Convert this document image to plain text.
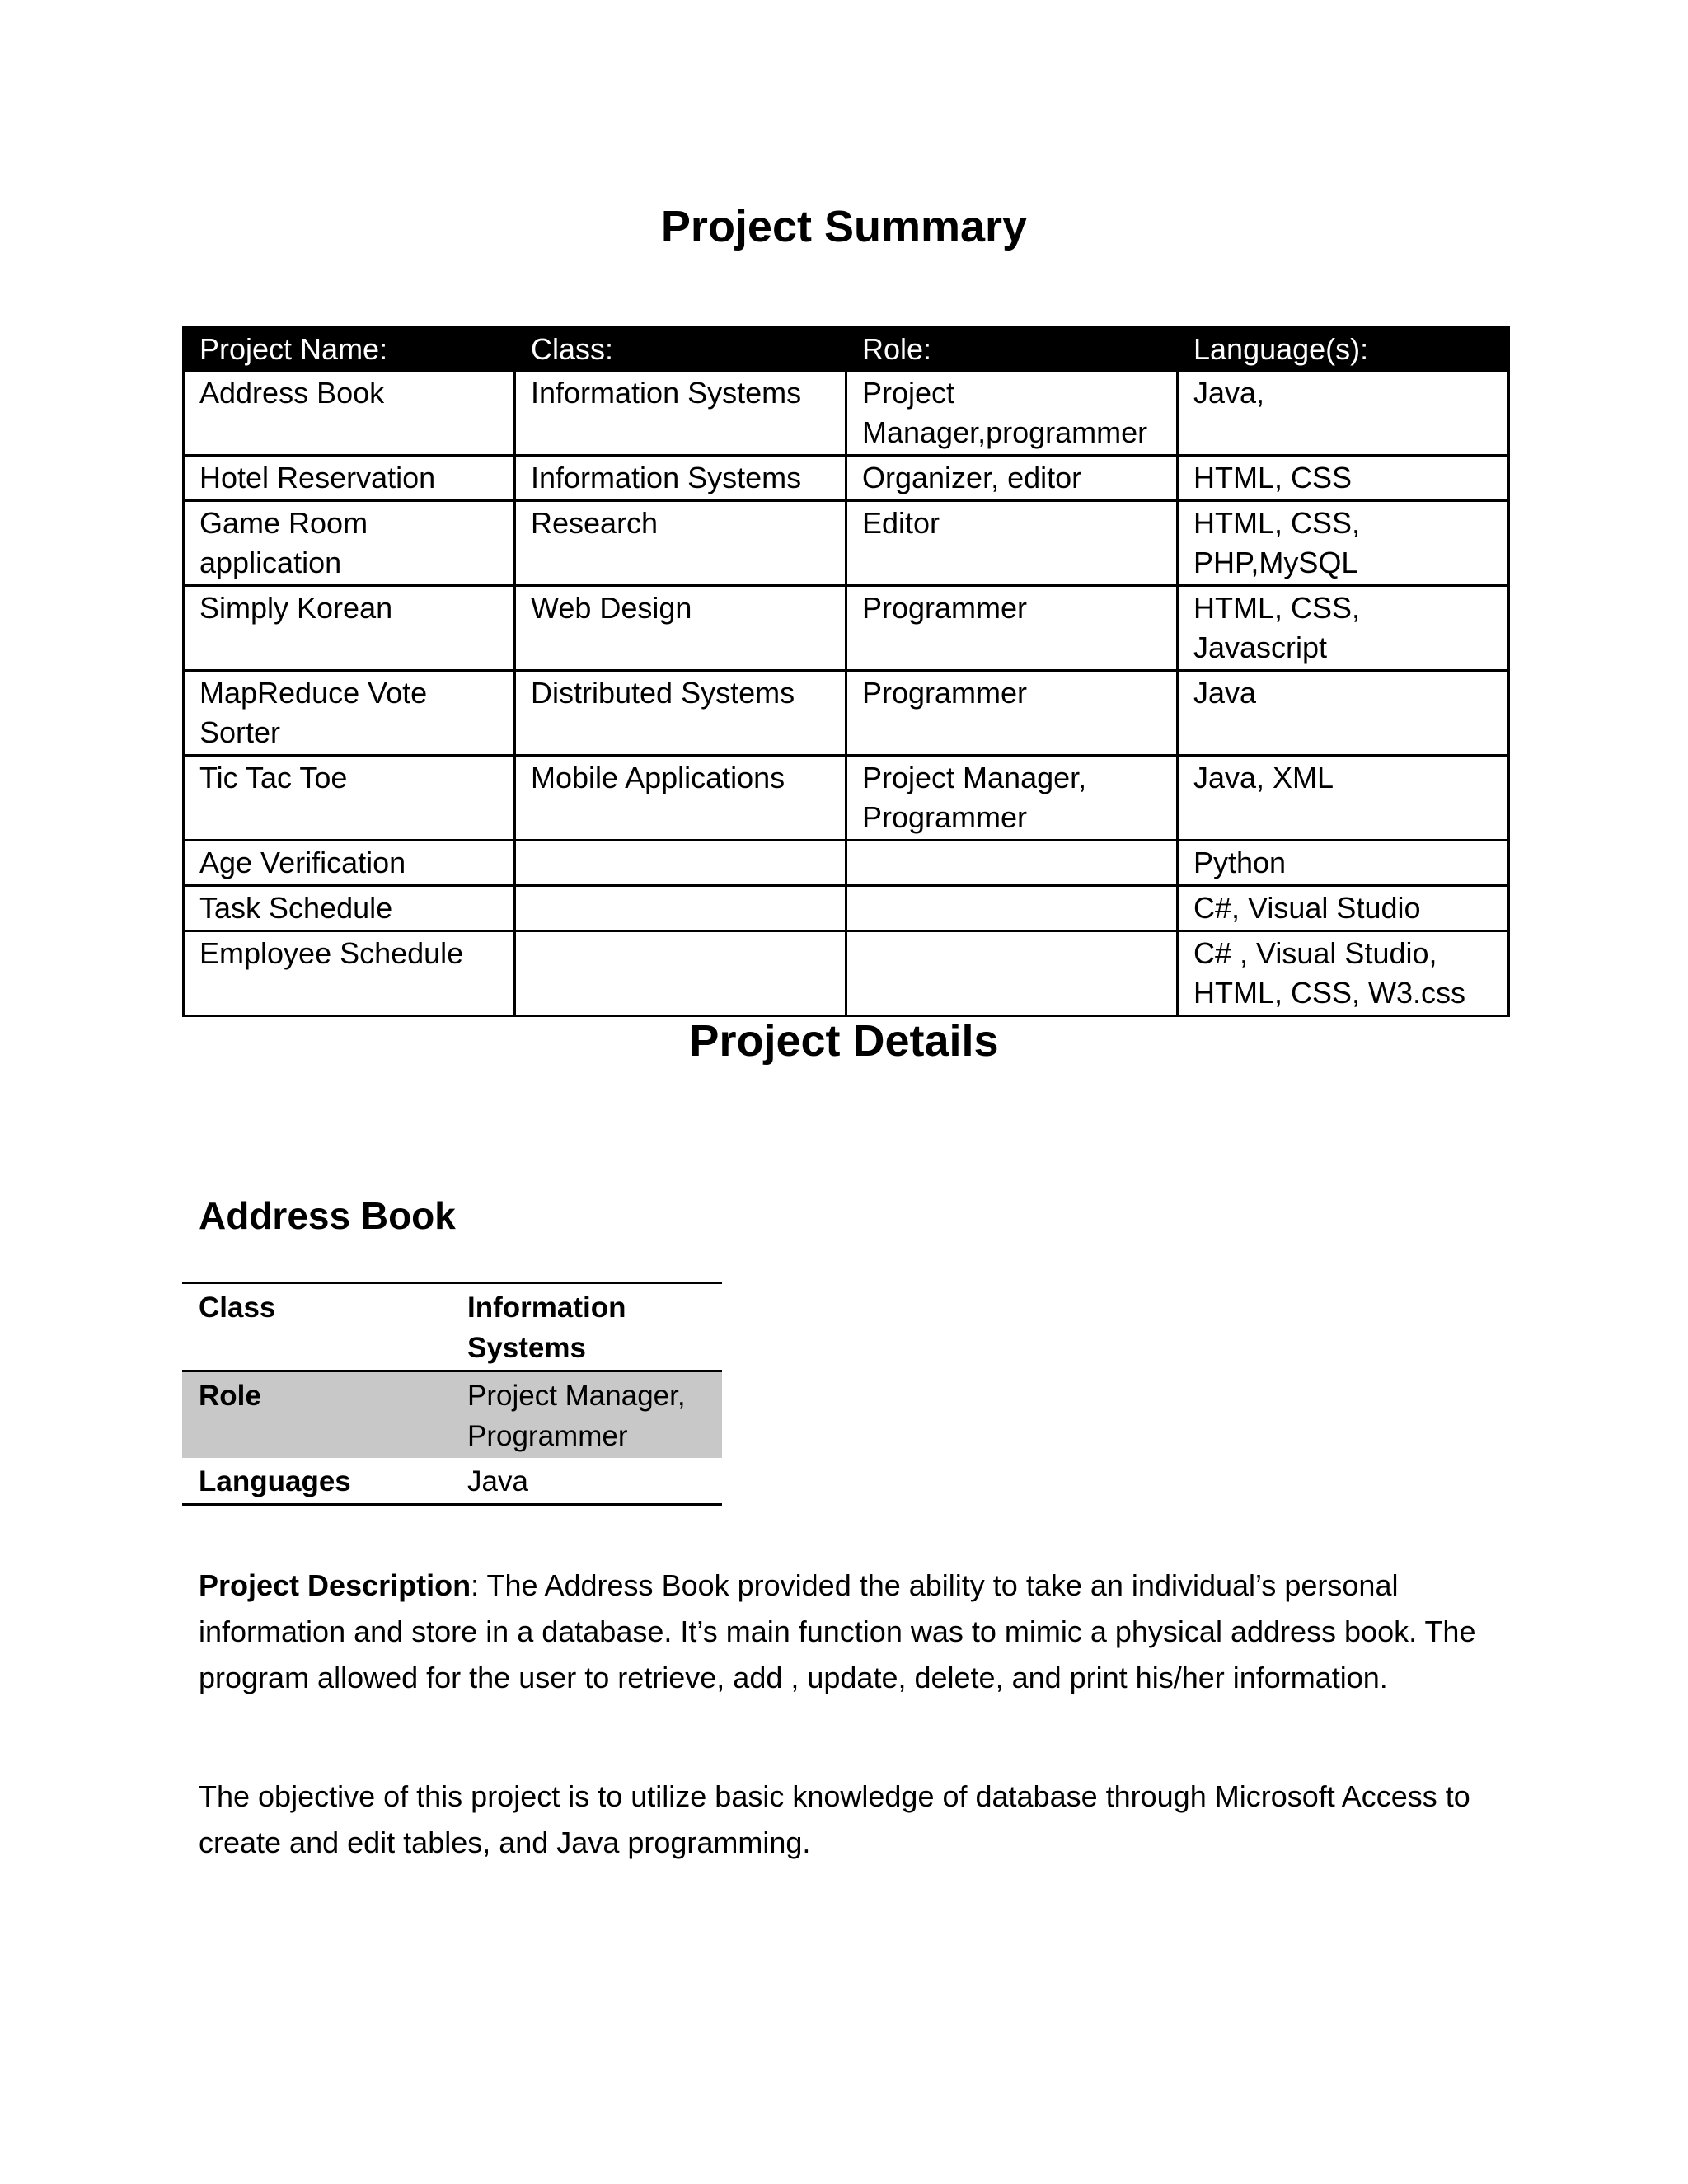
Project Summary
Project Name:	Class:	Role:	Language(s):
Address Book	Information Systems	Project Manager,programmer	Java,
Hotel Reservation	Information Systems	Organizer, editor	HTML, CSS
Game Room application	Research	Editor	HTML, CSS, PHP,MySQL
Simply Korean	Web Design	Programmer	HTML, CSS, Javascript
MapReduce Vote Sorter	Distributed Systems	Programmer	Java
Tic Tac Toe	Mobile Applications	Project Manager, Programmer	Java, XML
Age Verification			Python
Task Schedule			C#, Visual Studio
Employee Schedule			C# , Visual Studio, HTML, CSS, W3.css
Project Details
Address Book
Class	Information Systems
Role	Project Manager, Programmer
Languages	Java

Project Description: The Address Book provided the ability to take an individual’s personal information and store in a database. It’s main function was to mimic a physical address book. The program allowed for the user to retrieve, add , update, delete, and print his/her information.

The objective of this project is to utilize basic knowledge of database through Microsoft Access to create and edit tables, and Java programming.
